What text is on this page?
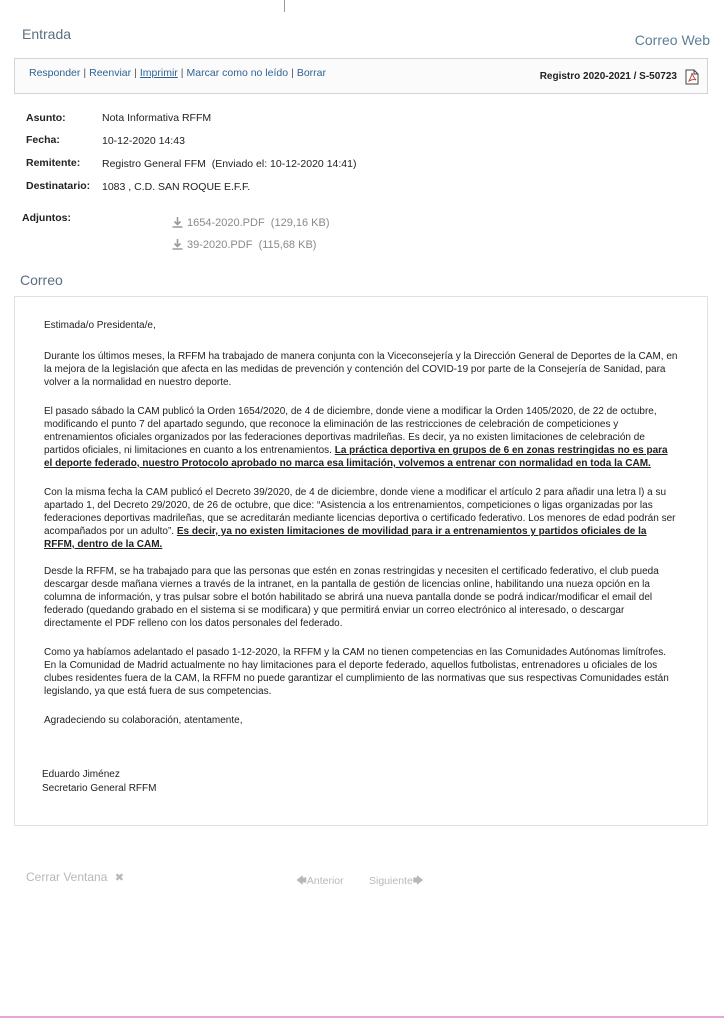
Entrada	Correo Web
Responder | Reenviar | Imprimir | Marcar como no leído | Borrar	Registro 2020-2021 / S-50723
Asunto:	Nota Informativa RFFM
Fecha:	10-12-2020 14:43
Remitente: Registro General FFM  (Enviado el: 10-12-2020 14:41)
Destinatario: 1083 , C.D. SAN ROQUE E.F.F.
Adjuntos:	1654-2020.PDF (129,16 KB)
39-2020.PDF (115,68 KB)
Correo
Estimada/o Presidenta/e,
Durante los últimos meses, la RFFM ha trabajado de manera conjunta con la Viceconsejería y la Dirección General de Deportes de la CAM, en la mejora de la legislación que afecta en las medidas de prevención y contención del COVID-19 por parte de la Consejería de Sanidad, para volver a la normalidad en nuestro deporte.
El pasado sábado la CAM publicó la Orden 1654/2020, de 4 de diciembre, donde viene a modificar la Orden 1405/2020, de 22 de octubre, modificando el punto 7 del apartado segundo, que reconoce la eliminación de las restricciones de celebración de competiciones y entrenamientos oficiales organizados por las federaciones deportivas madrileñas. Es decir, ya no existen limitaciones de celebración de partidos oficiales, ni limitaciones en cuanto a los entrenamientos. La práctica deportiva en grupos de 6 en zonas restringidas no es para el deporte federado, nuestro Protocolo aprobado no marca esa limitación, volvemos a entrenar con normalidad en toda la CAM.
Con la misma fecha la CAM publicó el Decreto 39/2020, de 4 de diciembre, donde viene a modificar el artículo 2 para añadir una letra l) a su apartado 1, del Decreto 29/2020, de 26 de octubre, que dice: “Asistencia a los entrenamientos, competiciones o ligas organizadas por las federaciones deportivas madrileñas, que se acreditarán mediante licencias deportiva o certificado federativo. Los menores de edad podrán ser acompañados por un adulto”. Es decir, ya no existen limitaciones de movilidad para ir a entrenamientos y partidos oficiales de la RFFM, dentro de la CAM.
Desde la RFFM, se ha trabajado para que las personas que estén en zonas restringidas y necesiten el certificado federativo, el club pueda descargar desde mañana viernes a través de la intranet, en la pantalla de gestión de licencias online, habilitando una nueza opción en la columna de información, y tras pulsar sobre el botón habilitado se abrirá una nueva pantalla donde se podrá indicar/modificar el email del federado (quedando grabado en el sistema si se modificara) y que permitirá enviar un correo electrónico al interesado, o descargar directamente el PDF relleno con los datos personales del federado.
Como ya habíamos adelantado el pasado 1-12-2020, la RFFM y la CAM no tienen competencias en las Comunidades Autónomas limítrofes. En la Comunidad de Madrid actualmente no hay limitaciones para el deporte federado, aquellos futbolistas, entrenadores u oficiales de los clubes residentes fuera de la CAM, la RFFM no puede garantizar el cumplimiento de las normativas que sus respectivas Comunidades están legislando, ya que está fuera de sus competencias.
Agradeciendo su colaboración, atentamente,
Eduardo Jiménez
Secretario General RFFM
Cerrar Ventana ✖	🡄Anterior Siguiente🡆
